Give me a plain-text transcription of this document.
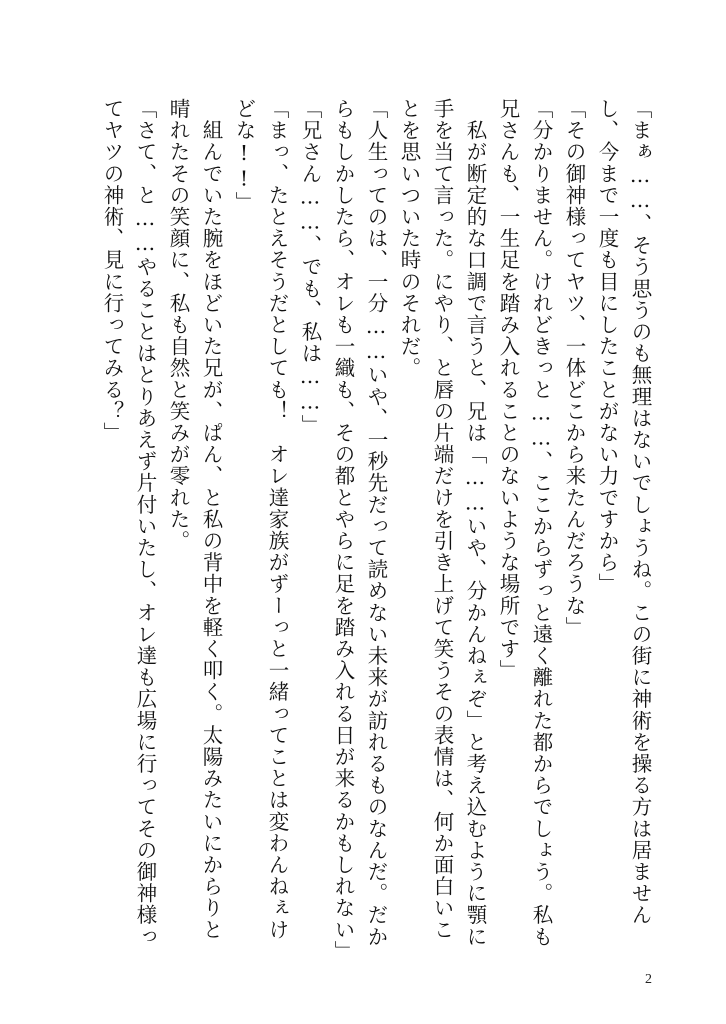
「まぁ……、そう思うのも無理はないでしょうね。この街に神術を操る方は居ませんし、今まで一度も目にしたことがない力ですから」

「その御神様ってヤツ、一体どこから来たんだろうな」

「分かりません。けれどきっと……、ここからずっと遠く離れた都からでしょう。私も兄さんも、一生足を踏み入れることのないような場所です」

　私が断定的な口調で言うと、兄は「……いや、分かんねぇぞ」と考え込むように顎に手を当て言った。にやり、と唇の片端だけを引き上げて笑うその表情は、何か面白いことを思いついた時のそれだ。

「人生ってのは、一分……いや、一秒先だって読めない未来が訪れるものなんだ。だからもしかしたら、オレも一織も、その都とやらに足を踏み入れる日が来るかもしれない」

「兄さん……、でも、私は……」

「まっ、たとえそうだとしても！　オレ達家族がずーっと一緒ってことは変わんねぇけどな!!」

　組んでいた腕をほどいた兄が、ぱん、と私の背中を軽く叩く。太陽みたいにからりと晴れたその笑顔に、私も自然と笑みが零れた。

「さて、と……やることはとりあえず片付いたし、オレ達も広場に行ってその御神様ってヤツの神術、見に行ってみる？」

2
